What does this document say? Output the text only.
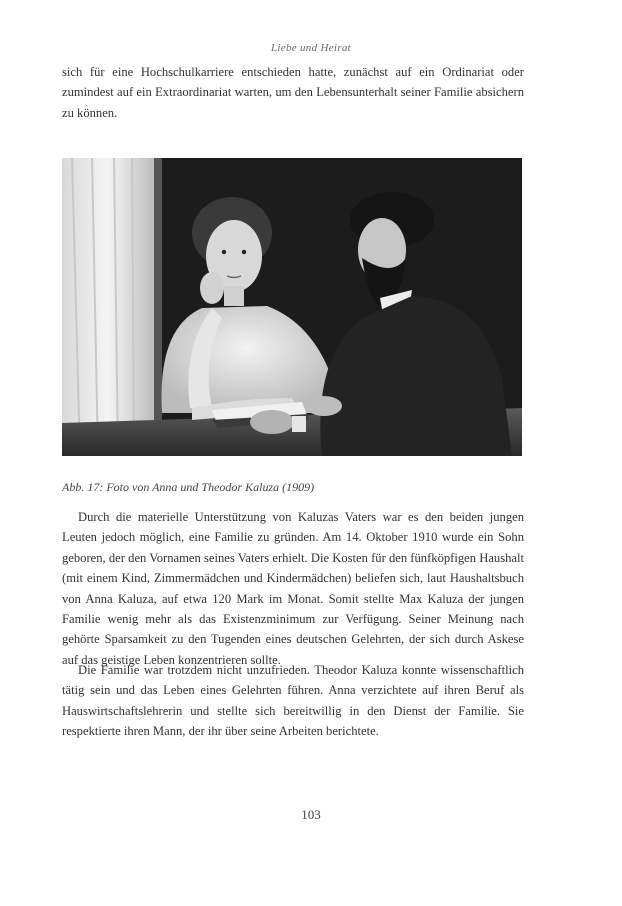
Liebe und Heirat
sich für eine Hochschulkarriere entschieden hatte, zunächst auf ein Ordinariat oder zumindest auf ein Extraordinariat warten, um den Lebensunterhalt seiner Familie absichern zu können.
Abb. 17: Foto von Anna und Theodor Kaluza (1909)
Durch die materielle Unterstützung von Kaluzas Vaters war es den beiden jungen Leuten jedoch möglich, eine Familie zu gründen. Am 14. Oktober 1910 wurde ein Sohn geboren, der den Vornamen seines Vaters erhielt. Die Kosten für den fünfköpfigen Haushalt (mit einem Kind, Zimmermädchen und Kindermädchen) beliefen sich, laut Haushaltsbuch von Anna Kaluza, auf etwa 120 Mark im Monat. Somit stellte Max Kaluza der jungen Familie wenig mehr als das Existenzminimum zur Verfügung. Seiner Meinung nach gehörte Sparsamkeit zu den Tugenden eines deutschen Gelehrten, der sich durch Askese auf das geistige Leben konzentrieren sollte.
Die Familie war trotzdem nicht unzufrieden. Theodor Kaluza konnte wissenschaftlich tätig sein und das Leben eines Gelehrten führen. Anna verzichtete auf ihren Beruf als Hauswirtschaftslehrerin und stellte sich bereitwillig in den Dienst der Familie. Sie respektierte ihren Mann, der ihr über seine Arbeiten berichtete.
103
